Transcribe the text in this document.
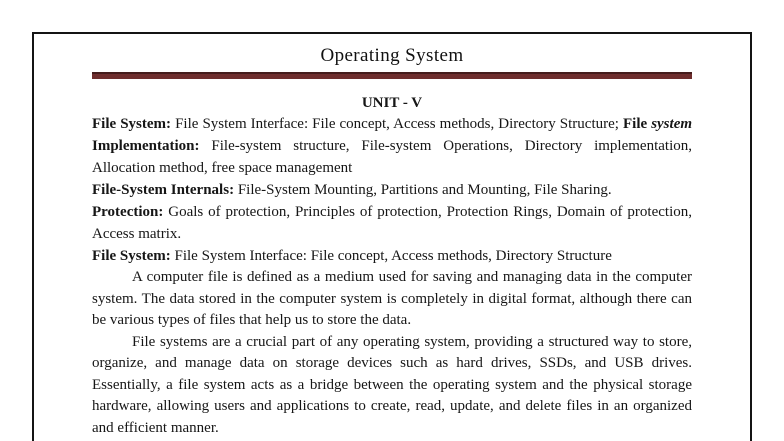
Operating System
UNIT - V

File System: File System Interface: File concept, Access methods, Directory Structure; File system Implementation: File-system structure, File-system Operations, Directory implementation, Allocation method, free space management

File-System Internals: File-System Mounting, Partitions and Mounting, File Sharing.

Protection: Goals of protection, Principles of protection, Protection Rings, Domain of protection, Access matrix.

File System: File System Interface: File concept, Access methods, Directory Structure

A computer file is defined as a medium used for saving and managing data in the computer system. The data stored in the computer system is completely in digital format, although there can be various types of files that help us to store the data.

File systems are a crucial part of any operating system, providing a structured way to store, organize, and manage data on storage devices such as hard drives, SSDs, and USB drives. Essentially, a file system acts as a bridge between the operating system and the physical storage hardware, allowing users and applications to create, read, update, and delete files in an organized and efficient manner.
